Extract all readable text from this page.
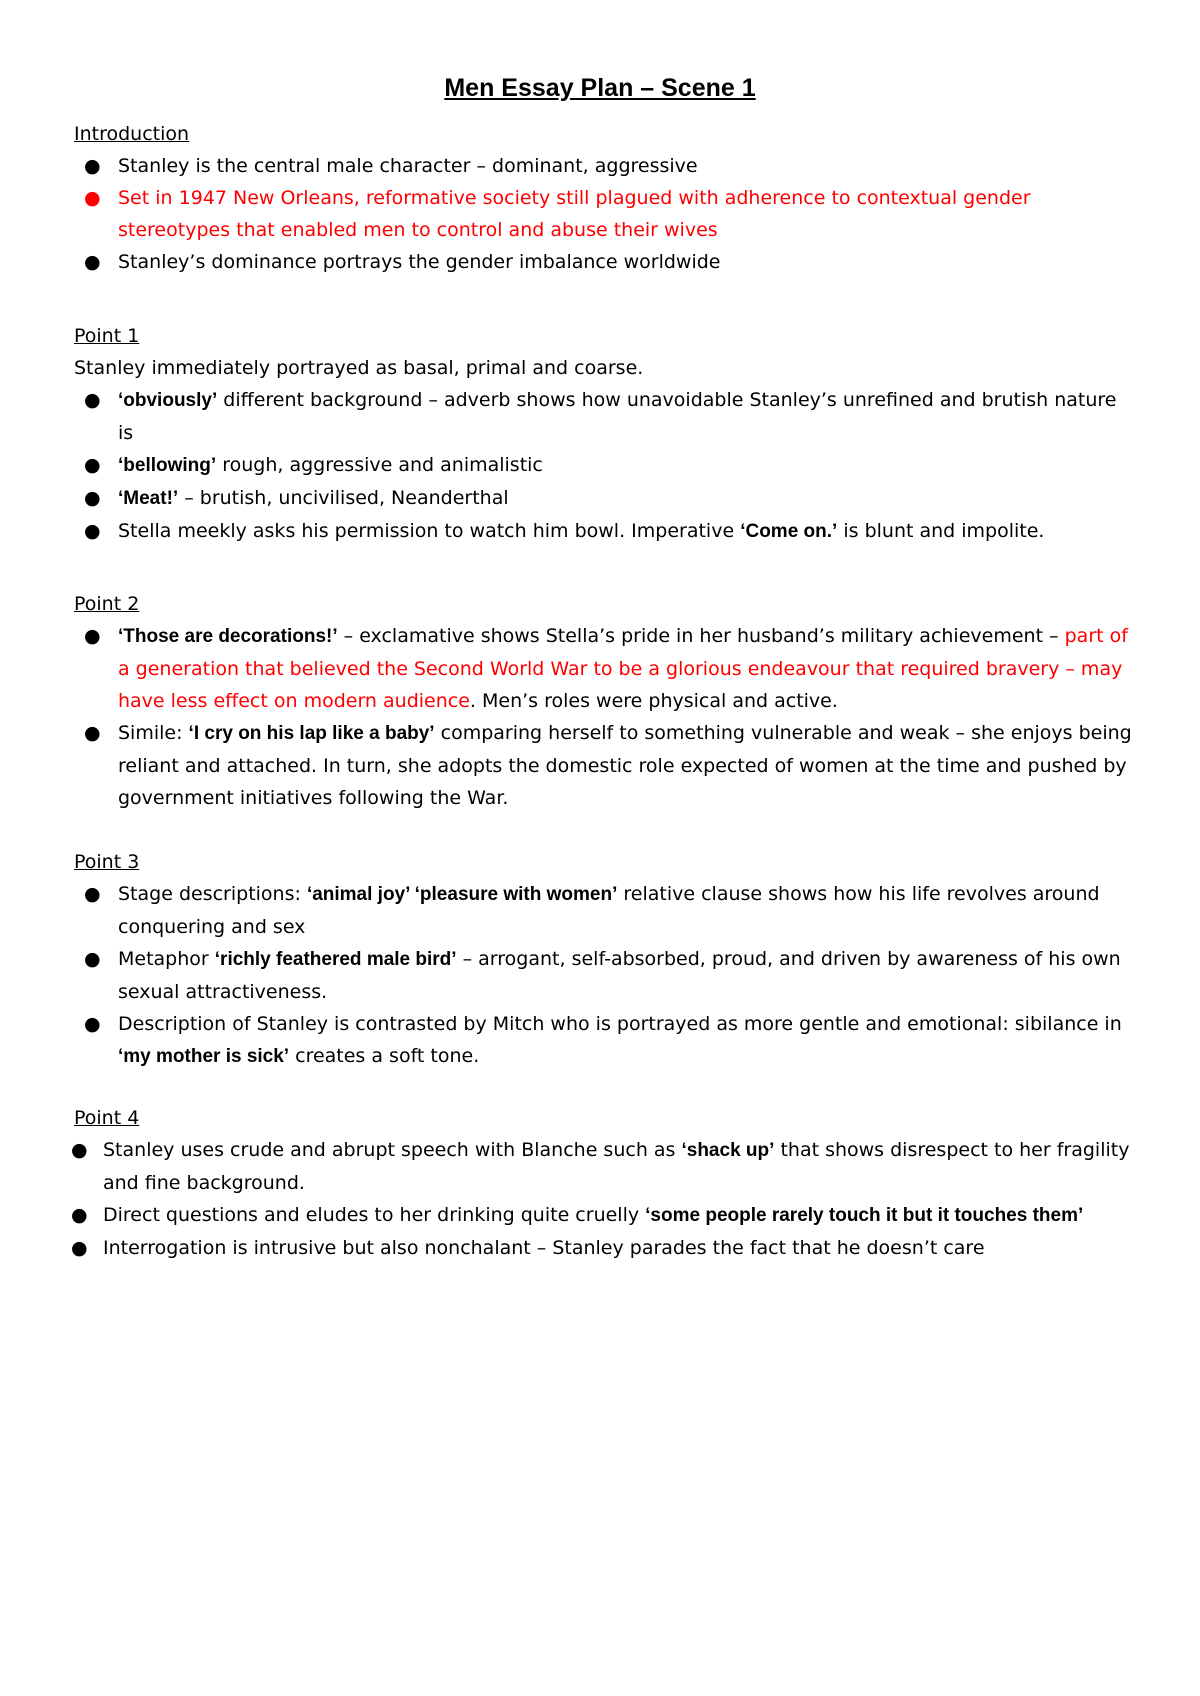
Men Essay Plan – Scene 1

Introduction

● Stanley is the central male character – dominant, aggressive
● Set in 1947 New Orleans, reformative society still plagued with adherence to contextual gender stereotypes that enabled men to control and abuse their wives
● Stanley’s dominance portrays the gender imbalance worldwide

Point 1

Stanley immediately portrayed as basal, primal and coarse.

● ‘obviously’ different background – adverb shows how unavoidable Stanley’s unrefined and brutish nature is
● ‘bellowing’ rough, aggressive and animalistic
● ‘Meat!’ – brutish, uncivilised, Neanderthal
● Stella meekly asks his permission to watch him bowl. Imperative ‘Come on.’ is blunt and impolite.

Point 2

● ‘Those are decorations!’ – exclamative shows Stella’s pride in her husband’s military achievement – part of a generation that believed the Second World War to be a glorious endeavour that required bravery – may have less effect on modern audience. Men’s roles were physical and active.
● Simile: ‘I cry on his lap like a baby’ comparing herself to something vulnerable and weak – she enjoys being reliant and attached. In turn, she adopts the domestic role expected of women at the time and pushed by government initiatives following the War.

Point 3

● Stage descriptions: ‘animal joy’ ‘pleasure with women’ relative clause shows how his life revolves around conquering and sex
● Metaphor ‘richly feathered male bird’ – arrogant, self-absorbed, proud, and driven by awareness of his own sexual attractiveness.
● Description of Stanley is contrasted by Mitch who is portrayed as more gentle and emotional: sibilance in ‘my mother is sick’ creates a soft tone.

Point 4

● Stanley uses crude and abrupt speech with Blanche such as ‘shack up’ that shows disrespect to her fragility and fine background.
● Direct questions and eludes to her drinking quite cruelly ‘some people rarely touch it but it touches them’
● Interrogation is intrusive but also nonchalant – Stanley parades the fact that he doesn’t care
